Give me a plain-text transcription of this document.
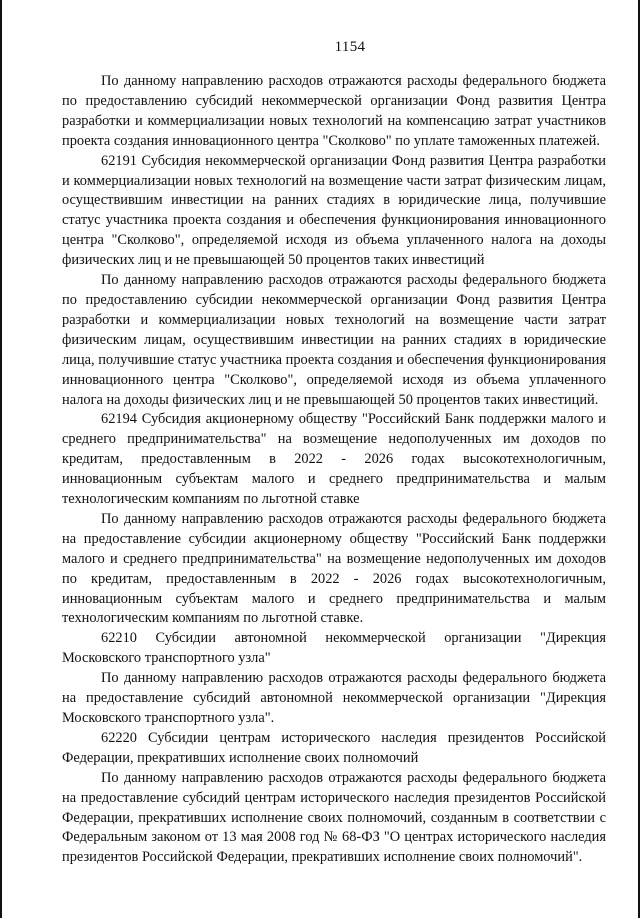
1154

По данному направлению расходов отражаются расходы федерального бюджета по предоставлению субсидий некоммерческой организации Фонд развития Центра разработки и коммерциализации новых технологий на компенсацию затрат участников проекта создания инновационного центра "Сколково" по уплате таможенных платежей.

62191 Субсидия некоммерческой организации Фонд развития Центра разработки и коммерциализации новых технологий на возмещение части затрат физическим лицам, осуществившим инвестиции на ранних стадиях в юридические лица, получившие статус участника проекта создания и обеспечения функционирования инновационного центра "Сколково", определяемой исходя из объема уплаченного налога на доходы физических лиц и не превышающей 50 процентов таких инвестиций

По данному направлению расходов отражаются расходы федерального бюджета по предоставлению субсидии некоммерческой организации Фонд развития Центра разработки и коммерциализации новых технологий на возмещение части затрат физическим лицам, осуществившим инвестиции на ранних стадиях в юридические лица, получившие статус участника проекта создания и обеспечения функционирования инновационного центра "Сколково", определяемой исходя из объема уплаченного налога на доходы физических лиц и не превышающей 50 процентов таких инвестиций.

62194 Субсидия акционерному обществу "Российский Банк поддержки малого и среднего предпринимательства" на возмещение недополученных им доходов по кредитам, предоставленным в 2022 - 2026 годах высокотехнологичным, инновационным субъектам малого и среднего предпринимательства и малым технологическим компаниям по льготной ставке

По данному направлению расходов отражаются расходы федерального бюджета на предоставление субсидии акционерному обществу "Российский Банк поддержки малого и среднего предпринимательства" на возмещение недополученных им доходов по кредитам, предоставленным в 2022 - 2026 годах высокотехнологичным, инновационным субъектам малого и среднего предпринимательства и малым технологическим компаниям по льготной ставке.

62210 Субсидии автономной некоммерческой организации "Дирекция Московского транспортного узла"

По данному направлению расходов отражаются расходы федерального бюджета на предоставление субсидий автономной некоммерческой организации "Дирекция Московского транспортного узла".

62220 Субсидии центрам исторического наследия президентов Российской Федерации, прекративших исполнение своих полномочий

По данному направлению расходов отражаются расходы федерального бюджета на предоставление субсидий центрам исторического наследия президентов Российской Федерации, прекративших исполнение своих полномочий, созданным в соответствии с Федеральным законом от 13 мая 2008 год № 68-ФЗ "О центрах исторического наследия президентов Российской Федерации, прекративших исполнение своих полномочий".
